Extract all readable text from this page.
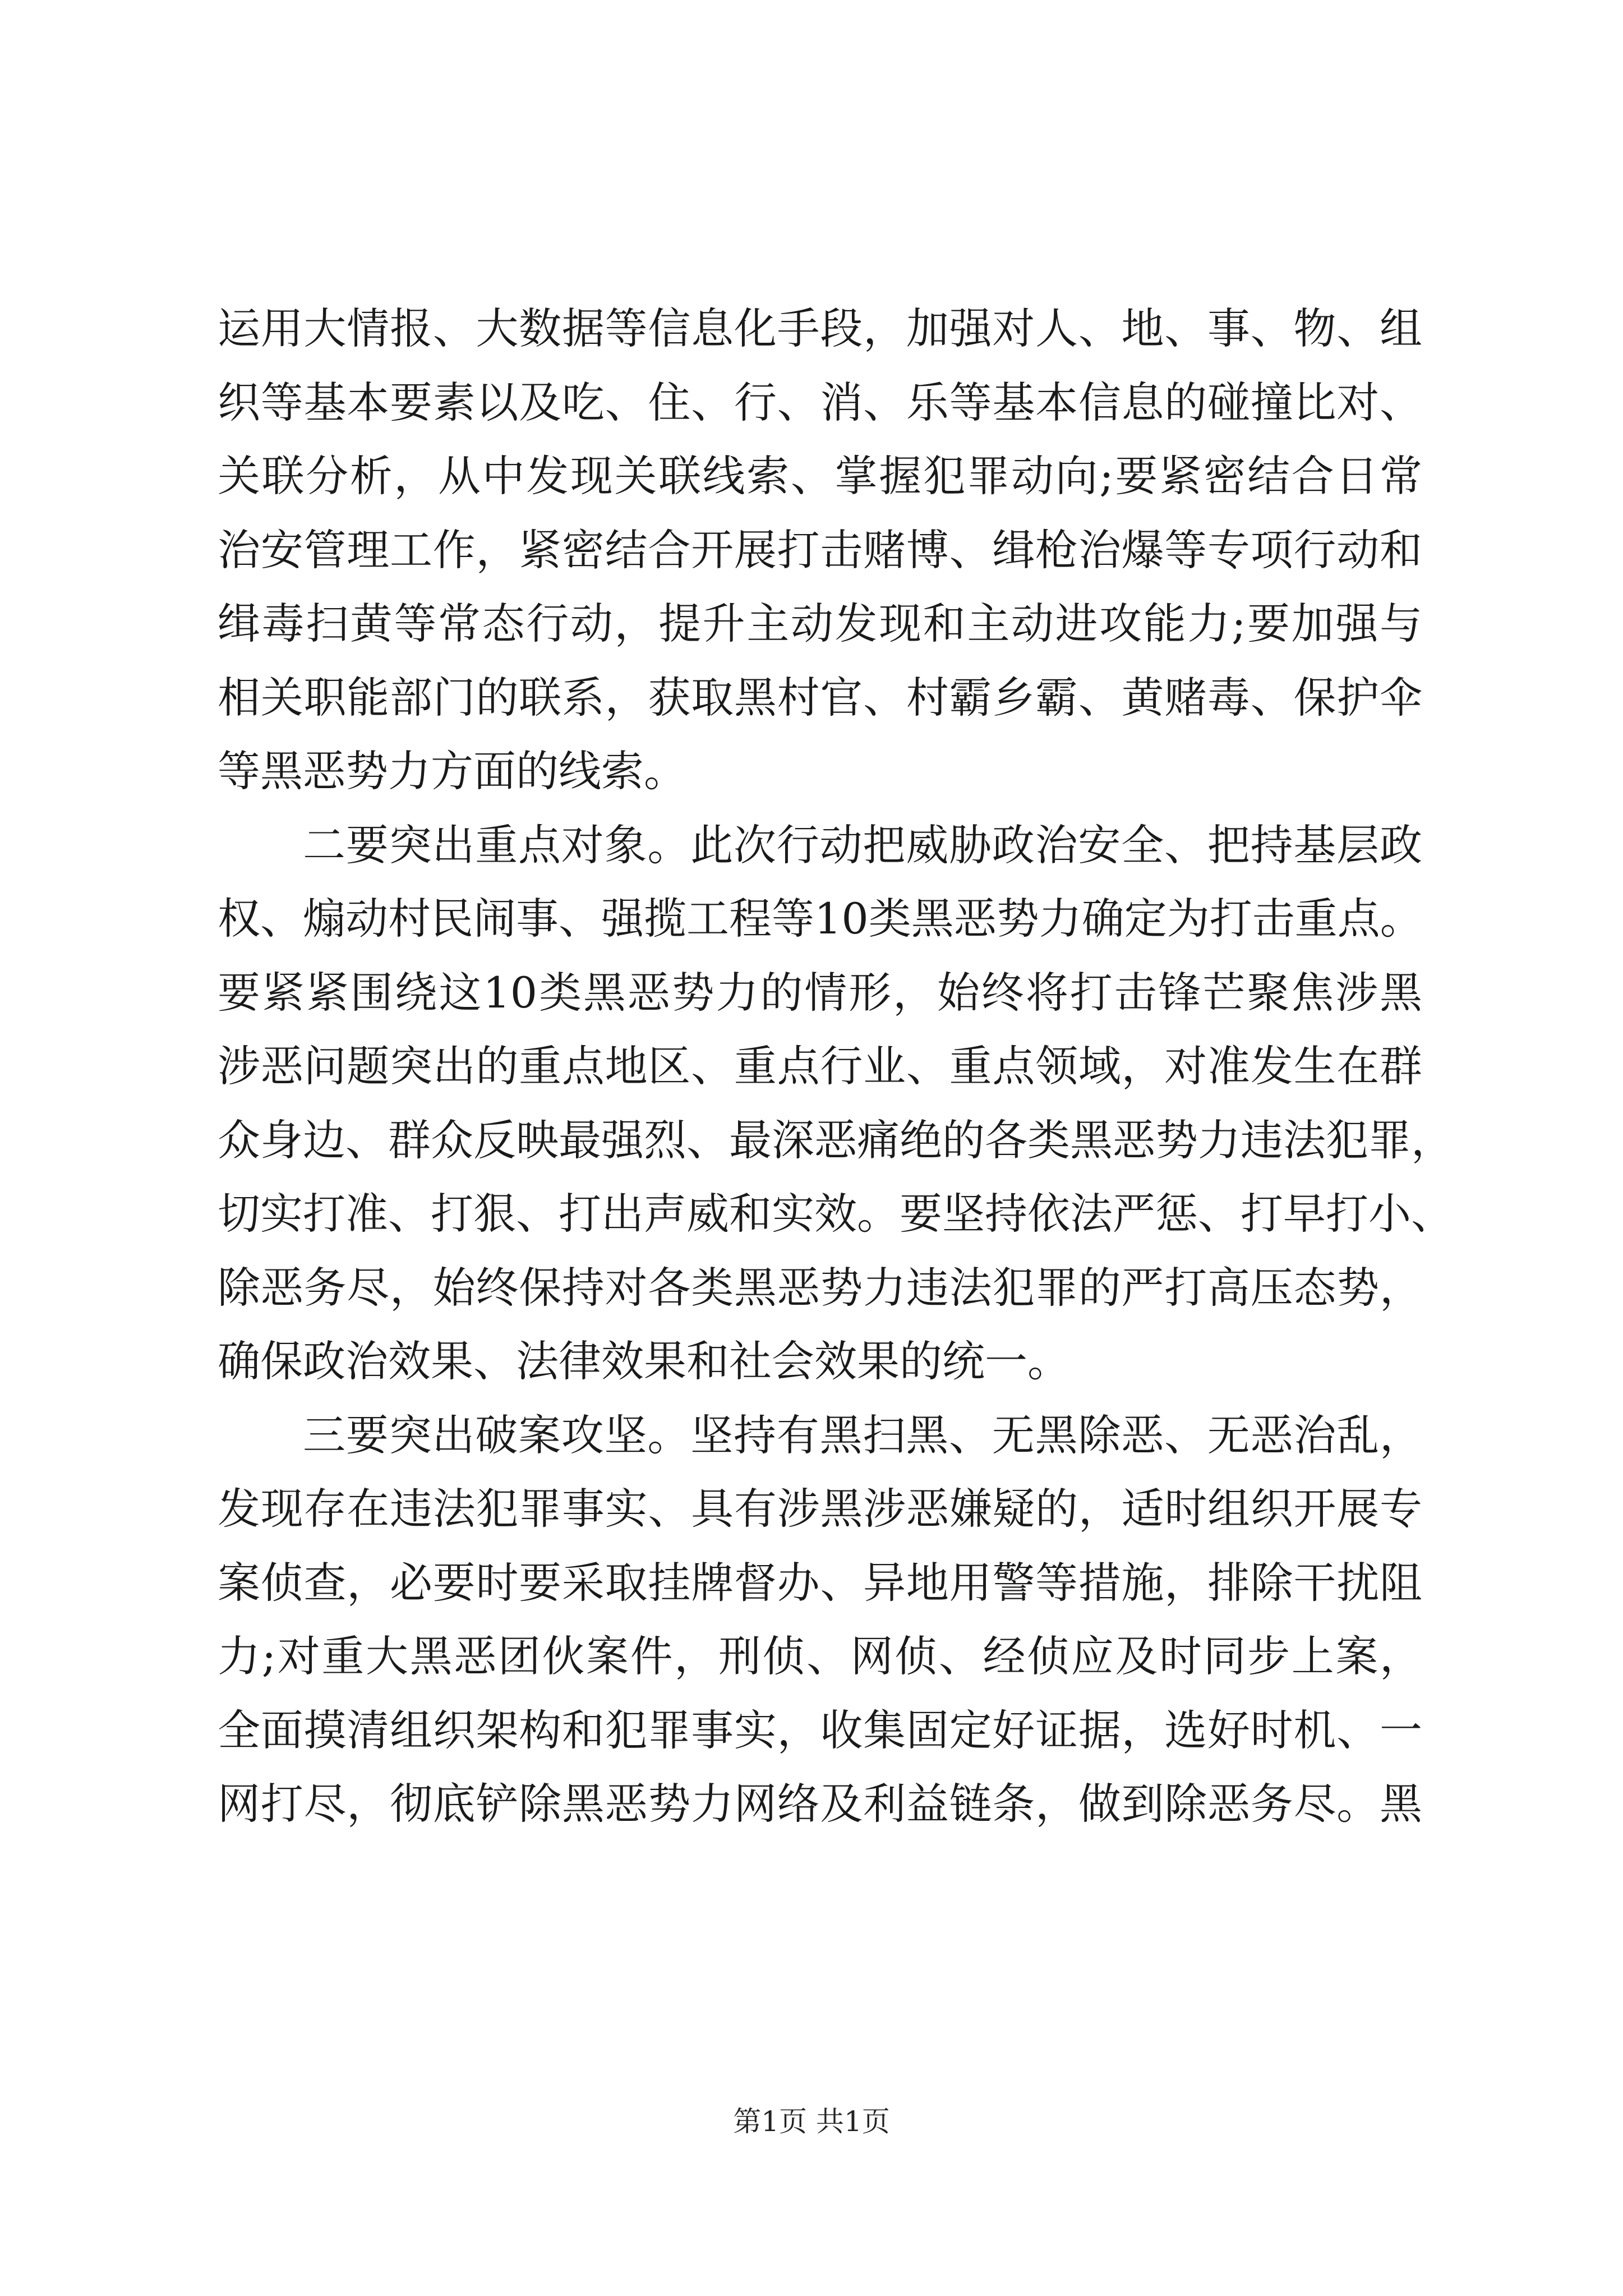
运用大情报、大数据等信息化手段，加强对人、地、事、物、组
织等基本要素以及吃、住、行、消、乐等基本信息的碰撞比对、
关联分析，从中发现关联线索、掌握犯罪动向;要紧密结合日常
治安管理工作，紧密结合开展打击赌博、缉枪治爆等专项行动和
缉毒扫黄等常态行动，提升主动发现和主动进攻能力;要加强与
相关职能部门的联系，获取黑村官、村霸乡霸、黄赌毒、保护伞
等黑恶势力方面的线索。
二要突出重点对象。此次行动把威胁政治安全、把持基层政
权、煽动村民闹事、强揽工程等10类黑恶势力确定为打击重点。
要紧紧围绕这10类黑恶势力的情形，始终将打击锋芒聚焦涉黑
涉恶问题突出的重点地区、重点行业、重点领域，对准发生在群
众身边、群众反映最强烈、最深恶痛绝的各类黑恶势力违法犯罪，
切实打准、打狠、打出声威和实效。要坚持依法严惩、打早打小、
除恶务尽，始终保持对各类黑恶势力违法犯罪的严打高压态势，
确保政治效果、法律效果和社会效果的统一。
三要突出破案攻坚。坚持有黑扫黑、无黑除恶、无恶治乱，
发现存在违法犯罪事实、具有涉黑涉恶嫌疑的，适时组织开展专
案侦查，必要时要采取挂牌督办、异地用警等措施，排除干扰阻
力;对重大黑恶团伙案件，刑侦、网侦、经侦应及时同步上案，
全面摸清组织架构和犯罪事实，收集固定好证据，选好时机、一
网打尽，彻底铲除黑恶势力网络及利益链条，做到除恶务尽。黑
第1页 共1页
